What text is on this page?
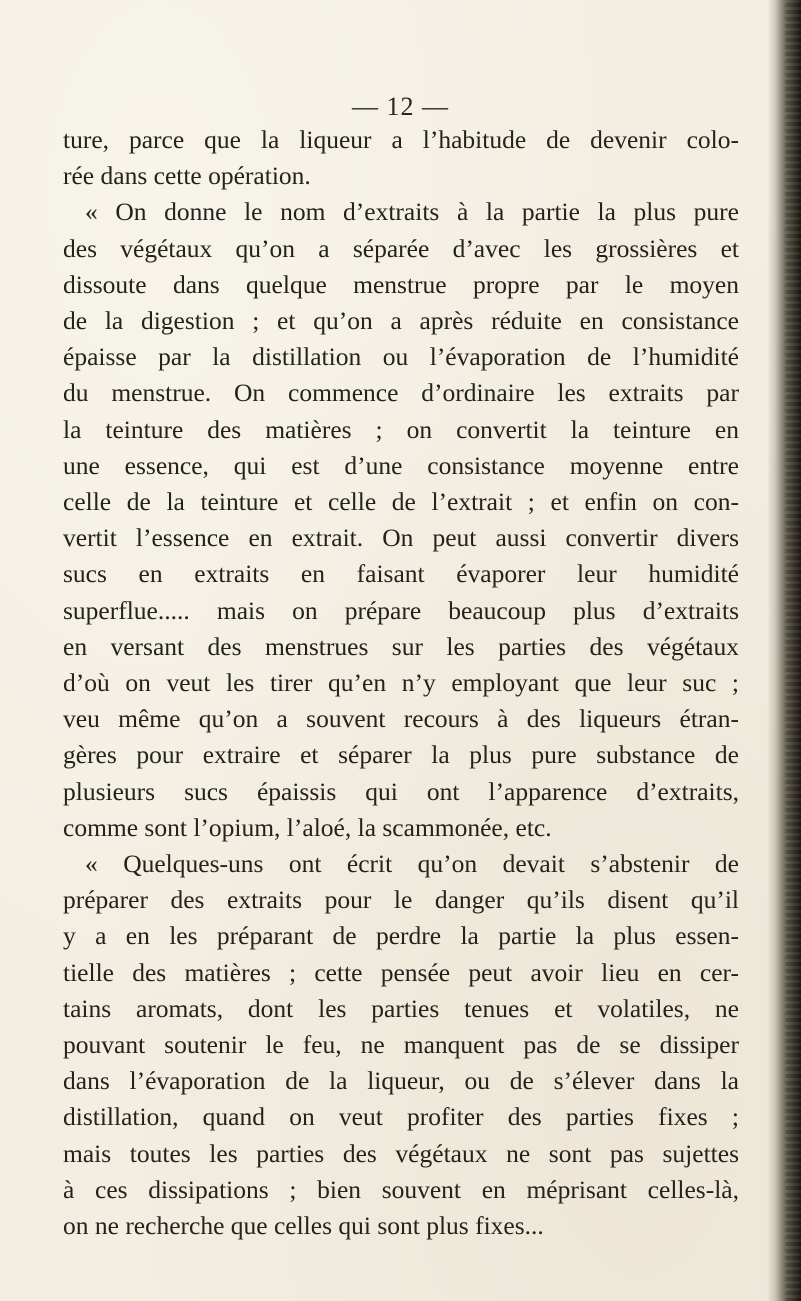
— 12 —
ture, parce que la liqueur a l’habitude de devenir colo-
rée dans cette opération.
« On donne le nom d’extraits à la partie la plus pure
des végétaux qu’on a séparée d’avec les grossières et
dissoute dans quelque menstrue propre par le moyen
de la digestion ; et qu’on a après réduite en consistance
épaisse par la distillation ou l’évaporation de l’humidité
du menstrue. On commence d’ordinaire les extraits par
la teinture des matières ; on convertit la teinture en
une essence, qui est d’une consistance moyenne entre
celle de la teinture et celle de l’extrait ; et enfin on con-
vertit l’essence en extrait. On peut aussi convertir divers
sucs en extraits en faisant évaporer leur humidité
superflue..... mais on prépare beaucoup plus d’extraits
en versant des menstrues sur les parties des végétaux
d’où on veut les tirer qu’en n’y employant que leur suc ;
veu même qu’on a souvent recours à des liqueurs étran-
gères pour extraire et séparer la plus pure substance de
plusieurs sucs épaissis qui ont l’apparence d’extraits,
comme sont l’opium, l’aloé, la scammonée, etc.
« Quelques-uns ont écrit qu’on devait s’abstenir de
préparer des extraits pour le danger qu’ils disent qu’il
y a en les préparant de perdre la partie la plus essen-
tielle des matières ; cette pensée peut avoir lieu en cer-
tains aromats, dont les parties tenues et volatiles, ne
pouvant soutenir le feu, ne manquent pas de se dissiper
dans l’évaporation de la liqueur, ou de s’élever dans la
distillation, quand on veut profiter des parties fixes ;
mais toutes les parties des végétaux ne sont pas sujettes
à ces dissipations ; bien souvent en méprisant celles-là,
on ne recherche que celles qui sont plus fixes...
